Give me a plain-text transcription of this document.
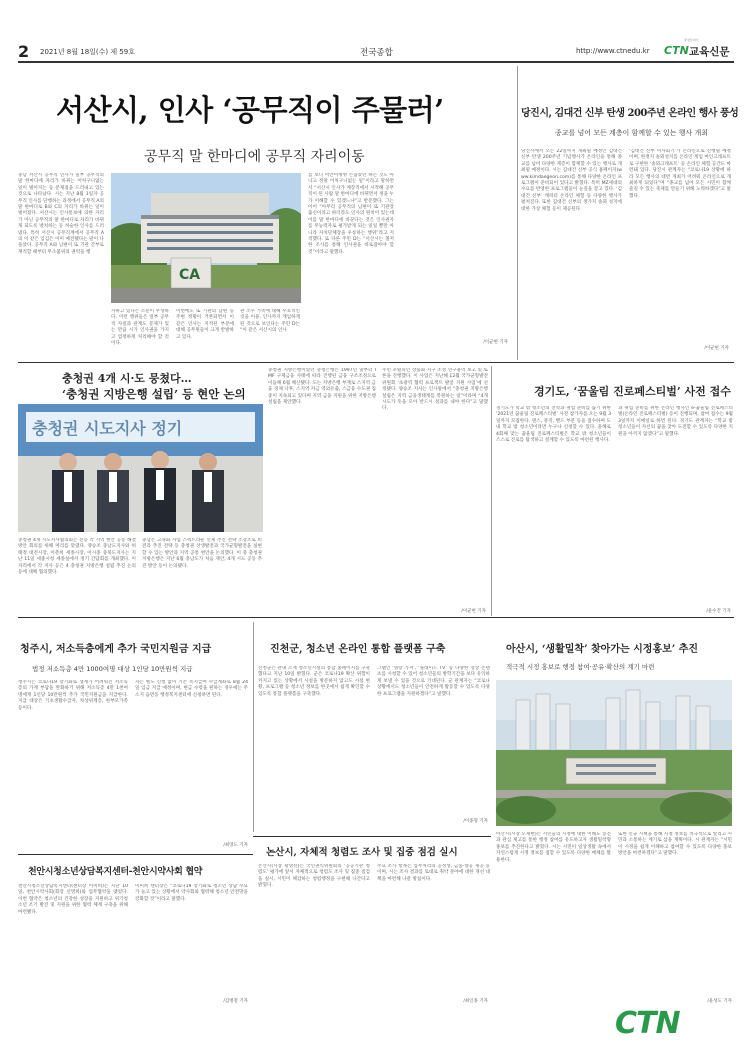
2 2021년 8월 18일(수) 제 59호	전국종합	http://www.ctnedu.kr
충청투데이
CTN 교육신문
서산시, 인사 ‘공무직이 주물러’
공무직 말 한마디에 공무직 자리이동
충남 서산시 공무직 인사가 일부 공무직의 말 한마디에 자리가 바뀌는 어처구니없는 일이 벌어지는 등 문제점을 드러내고 있는 것으로 나타났다. 시는 지난 8월 1일자 공무직 인사를 단행하는 과정에서 공무직 A의 말 한마디로 B와 C의 자리가 바뀌는 일이 벌어졌다. 서산시는 인사통보에 의한 자리가 아닌 공무직의 말 한마디로 자리가 바뀌게 되도록 방치하는 등 허술한 인사를 드러냈다. 특히 서산시 공무직계에서 공무직 A의 이 같은 입김은 이미 예견됐다는 말이 나돌았다. 공무직 A와 남편이 또 기관 간부로 재직할 때부터 무소불위의 권력을 행
CA
를 보니 어안이벙벙 손꼽았던 하는 것도 아니고 정말 어처구니없는 일”이라고 말하면서 “서산시 인사가 계장직에서 시작해 공무직이 된 사람 말 한마디에 바뀌면서 정을 누가 이해할 수 있겠느냐”고 반문했다. 그는 이어 “아무리 공무직의 남편이 또 기관장 출신이라고 하더라도 인사의 원칙이 있는데 이를 말 한마디에 바꾼다는 것은 인사권자를 무능력자로 평가받게 되는 일일 뿐만 아니라 자치단체장을 우롱하는 행위”라고 지적했다. 또 다른 주민 D는 “서산시는 철저한 조사를 통해 인사권을 바로잡아야 할 것”이라고 말했다.
사하고 있다는 소문이 무성하다. 이런 행위들은 일부 공무직 자질과 관계도 문제가 있는 만큼 시가 인사권을 가지고 엄정하게 처리해야 할 것이다.
이번에도 또 기관의 남편 등 주변 정황이 거론되면서 이 같은 인사는 지적된 부분에 대해 공무원들이 크게 반발하고 있다.
관 소수 가족에 대해 우호적인 것을 이용, 인사까지 개입하게 된 것으로 보인다는 주민 D는 “이 같은 서산시의 인사
/이균현 기자
당진시, 김대건 신부 탄생 200주년 온라인 행사 풍성
종교를 넘어 모든 계층이 함께할 수 있는 행사 개최
당진시에서 오는 22일까지 개최될 예정인 김대건 신부 탄생 200주년 기념행사가 온라인을 통해 종교를 넘어 다양한 계층이 함께할 수 있는 행사로 개최될 예정이다. 시는 김대건 신부 공식 홈페이지(www.kimdaegeon.com)를 통해 다양한 온라인 프로그램이 준비되어 있다고 밝혔다. 특히 MZ세대의 수요를 반영한 프로그램들이 눈길을 끌고 있다. ‘김대건 신부’ 캐릭터 온라인 체험 등 다양한 행사가 펼쳐진다. 또한 김대건 신부의 생가지 솔뫼 성지에 대한 가상 체험 등이 제공된다.
‘김대건 신부 미사회기’가 온라인으로 진행될 예정이며, 한정지 솔뫼성지를 온라인 게임 마인크래프트로 구현한 ‘솔뫼크래프트’ 등 온라인 체험 공간도 마련돼 있다. 당진시 관계자는 “코로나19 상황에 따라 모든 행사의 대면 개최가 어려워 온라인으로 개최하게 되었다”며 “종교를 넘어 모든 시민이 함께 즐길 수 있는 축제를 만들기 위해 노력하겠다”고 말했다.
/이균현 기자
충청권 4개 시·도 뭉쳤다…
‘충청권 지방은행 설립’ 등 현안 논의
충청권 시도지사 정기
충청권 4개 시도지사협의회는 전등 각 지역 현안 공동 해결 방안 회의를 위해 머리를 맞댔다. 양승조 충남도지사와 허태정 대전시장, 이춘희 세종시장, 이시종 충북도지사는 지난 11일 세종시청 세종실에서 정기 간담회를 개최했다. 이 자리에서 각 지사 등은 4 충청권 지방은행 설립 추진 논의 등에 대해 협의했다.
충남은 고속화 사업 스펙트라운 선제 추진 전략 소강조로 비전과 추진 전략 등 충청권 상생발전과 국가균형발전을 실현할 수 있는 방안과 지역 공통 현안을 논의했다. 이 중 충청권 지방은행은 지난 6월 충남도가 처음 제안, 4개 시도 공동 추진 방안 등이 논의됐다.
충청권 지방은행이었던 충청은행은 1997년 말부터 IMF 구제금융 사태에 따라 진행된 금융 구조조정으로 이듬해 6월 해산됐다. 도는 지방은행 부재로 스지역 금융 경제 낙후, 스지역 자금 역외유출, 스금융 수도권 집중이 지속되고 있다며 지역 금융 지원을 위한 지방은행 설립을 제안했다.
주민 포털피인 상품화 지구 조성 연구용역 보고 및 토론을 진행했다. 이 사업은 지난해 12월 국가균형발전위원회 ‘초광역 협력 프로젝트 발굴 지원 사업’에 선정됐다. 양승조 지사는 인사말에서 “충청권 지방은행 설립은 지역 금융생태계를 복원하는 일”이라며 “4개 시도가 뜻을 모아 반드시 성과를 내야 한다”고 말했다.
/이균현 기자
경기도, ‘꿈울림 진로페스티벌’ 사전 접수
경기도가 학교 밖 청소년의 진학과 취업 준비를 돕기 위한 ‘2021년 꿈울림 진로페스티벌’ 사전 참가자를 오는 9월 3일까지 모집한다. 댄스, 뮤직, 밴드 부문 등을 접수하며 도내 학교 밖 청소년이라면 누구나 신청할 수 있다. 올해로 4회째 맞는 꿈울림 진로페스티벌은 학교 밖 청소년들이 스스로 진로를 탐색하고 설계할 수 있도록 마련된 행사다.
과 취업 준비를 위한 온라인 행사인 e-꿈울림 진로페스티벌(온라인 진로페스티벌) 등이 진행되며, 참여 접수는 9월 3일까지 이메일로 하면 된다. 경기도 관계자는 “학교 밖 청소년들이 자신의 꿈을 찾아 도전할 수 있도록 다양한 지원을 아끼지 않겠다”고 말했다.
/윤수진 기자
청주시, 저소득층에게 추가 국민지원금 지급
법정 저소득층 4만 1000여명 대상 1인당 10만원씩 지급
청주시는 코로나19 장기화로 생계가 어려워진 저소득층의 가계 부담을 완화하기 위해 저소득층 4만 1천여 명에게 1인당 10만원씩 추가 국민지원금을 지급한다. 지급 대상은 기초생활수급자, 차상위계층, 한부모가족 등이다.
자는 별도 신청 없이 기존 복지급여 수급계좌로 8월 24일 입금 지급 예정이며, 현금 수령을 원하는 경우에는 주소지 읍면동 행정복지센터에 신청하면 된다.
/최영도 기자
진천군, 청소년 온라인 통합 플랫폼 구축
진천군은 관내 소재 청소년시설의 통합 홈페이지를 구축했다고 지난 10일 밝혔다. 군은 코로나19 확산 위험이 커지고 있는 상황에서 시설을 방문하지 않고도 시설 현황, 프로그램 등 청소년 정보를 한곳에서 쉽게 확인할 수 있도록 통합 플랫폼을 구축했다.
그램인 ‘명랑 가저’, ‘플래이드 TV’ 등 다양한 영상 콘텐츠를 시청할 수 있어 청소년들의 방학기간을 보다 유익하게 보낼 수 있을 것으로 기대된다. 군 관계자는 “코로나 상황에서도 청소년들이 안전하게 활동할 수 있도록 다양한 프로그램을 지원하겠다”고 말했다.
/이종형 기자
아산시, ‘생활밀착’ 찾아가는 시정홍보’ 추진
적극적 시정 홍보로 행정 참여·공유·확산의 계기 마련
아산시(시장 오세현)는 시민들의 시정에 대한 이해도 증진과 관심 제고를 통한 행정 참여를 유도하고자 생활밀착형 홍보를 추진한다고 밝혔다. 시는 시민이 일상생활 속에서 자연스럽게 시정 정보를 접할 수 있도록 다양한 매체를 활용한다.
또한 신규 시책을 통해 시정 정보를 적극적으로 알리고 시민과 소통하는 계기로 삼을 계획이다. 시 관계자는 “시민이 시정을 쉽게 이해하고 참여할 수 있도록 다양한 홍보 방안을 마련하겠다”고 말했다.
/윤성도 기자
천안시청소년상담복지센터-천안시약사회 협약
천안시청소년상담복지센터(센터장 이미희)는 지난 10일, 천안시약사회(회장 신명희)와 업무협약을 맺었다. 이번 협약은 청소년의 건강한 성장을 지원하고 위기청소년 조기 발견 및 지원을 위한 협력 체계 구축을 위해 마련됐다.
이미희 센터장은 “코로나19 장기화로 청소년 상담 수요가 늘고 있는 상황에서 약사회와 협력해 청소년 안전망을 강화할 것”이라고 말했다.
/김병철 기자
논산시, 자체적 청렴도 조사 및 집중 점검 실시
논산시(시장 황명선)는 국민권익위원회의 ‘공공기관 청렴도’ 평가에 앞서 자체적으로 청렴도 조사 및 집중 점검을 실시, 시민이 체감하는 청렴행정을 구현해 나간다고 밝혔다.
주요 조사 항목은 업무처리의 공정성, 금품·향응 제공 등이며, 시는 조사 결과를 토대로 취약 분야에 대한 개선 대책을 마련해 나갈 방침이다.
/최인종 기자
CTN
